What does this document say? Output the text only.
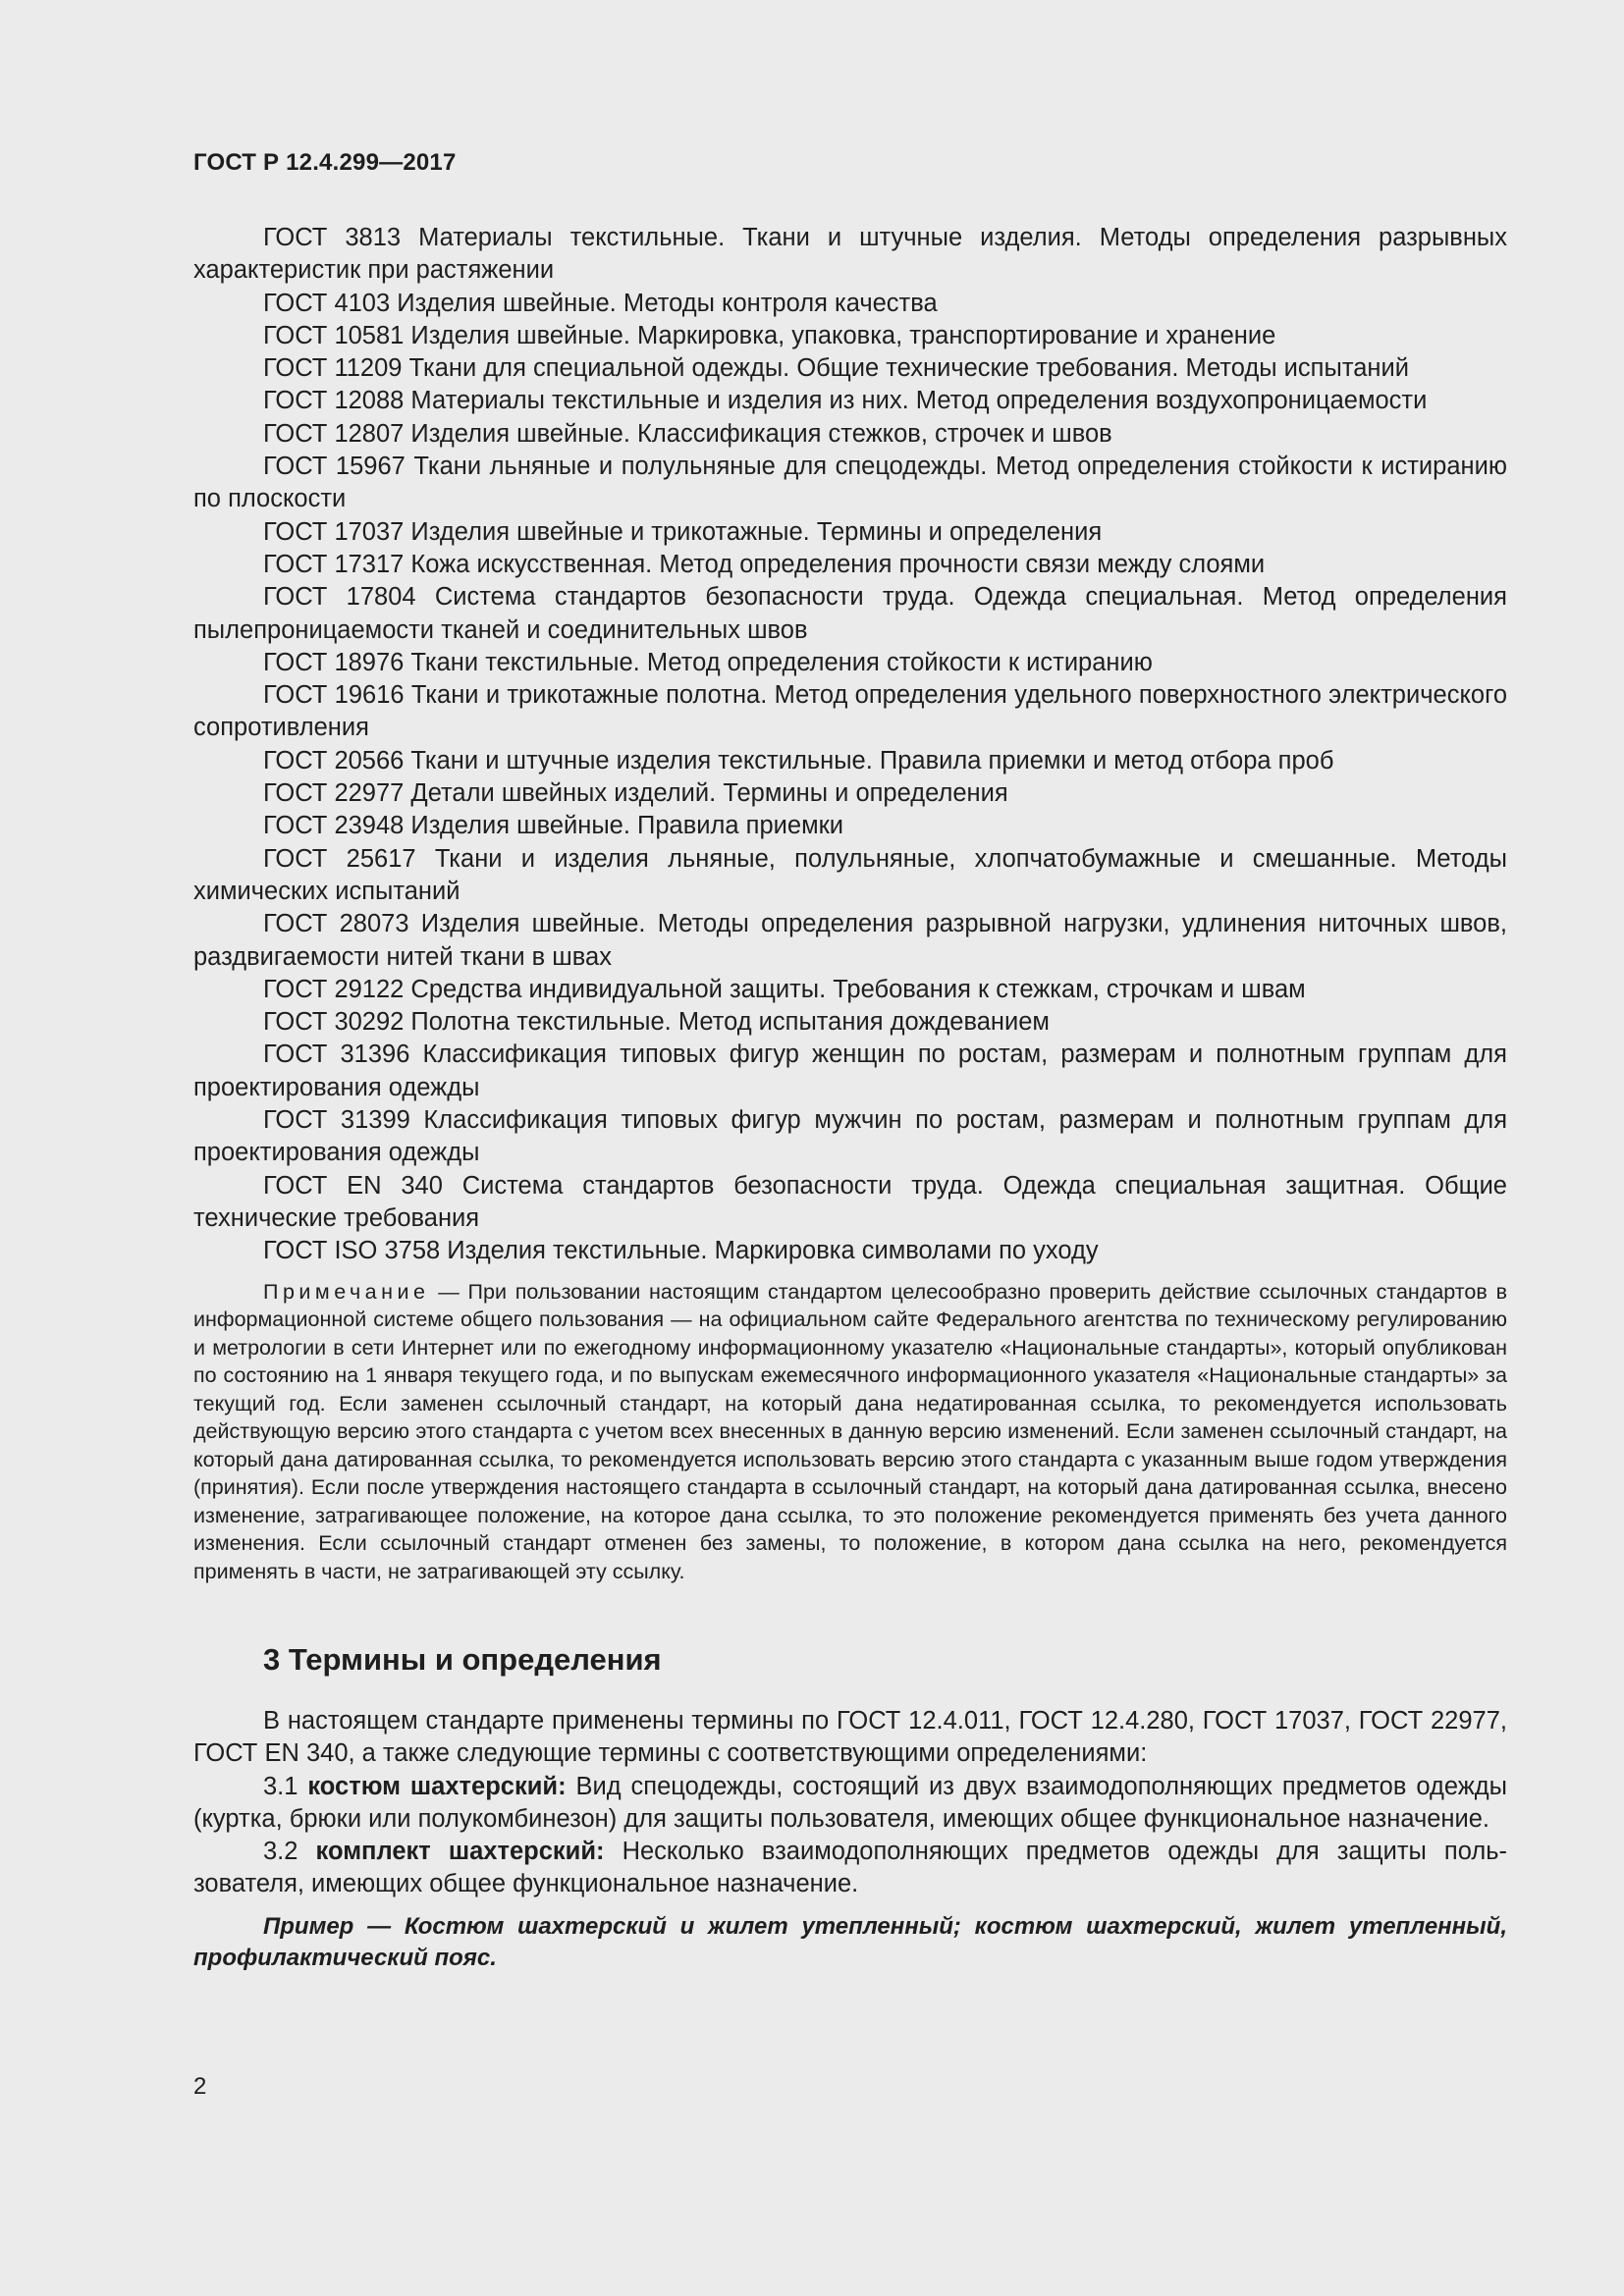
ГОСТ Р 12.4.299—2017

ГОСТ 3813 Материалы текстильные. Ткани и штучные изделия. Методы определения разрывных характеристик при растяжении

ГОСТ 4103 Изделия швейные. Методы контроля качества

ГОСТ 10581 Изделия швейные. Маркировка, упаковка, транспортирование и хранение

ГОСТ 11209 Ткани для специальной одежды. Общие технические требования. Методы испытаний

ГОСТ 12088 Материалы текстильные и изделия из них. Метод определения воздухопроницаемости

ГОСТ 12807 Изделия швейные. Классификация стежков, строчек и швов

ГОСТ 15967 Ткани льняные и полульняные для спецодежды. Метод определения стойкости к истиранию по плоскости

ГОСТ 17037 Изделия швейные и трикотажные. Термины и определения

ГОСТ 17317 Кожа искусственная. Метод определения прочности связи между слоями

ГОСТ 17804 Система стандартов безопасности труда. Одежда специальная. Метод определения пылепроницаемости тканей и соединительных швов

ГОСТ 18976 Ткани текстильные. Метод определения стойкости к истиранию

ГОСТ 19616 Ткани и трикотажные полотна. Метод определения удельного поверхностного электрического сопротивления

ГОСТ 20566 Ткани и штучные изделия текстильные. Правила приемки и метод отбора проб

ГОСТ 22977 Детали швейных изделий. Термины и определения

ГОСТ 23948 Изделия швейные. Правила приемки

ГОСТ 25617 Ткани и изделия льняные, полульняные, хлопчатобумажные и смешанные. Методы химических испытаний

ГОСТ 28073 Изделия швейные. Методы определения разрывной нагрузки, удлинения ниточных швов, раздвигаемости нитей ткани в швах

ГОСТ 29122 Средства индивидуальной защиты. Требования к стежкам, строчкам и швам

ГОСТ 30292 Полотна текстильные. Метод испытания дождеванием

ГОСТ 31396 Классификация типовых фигур женщин по ростам, размерам и полнотным группам для проектирования одежды

ГОСТ 31399 Классификация типовых фигур мужчин по ростам, размерам и полнотным группам для проектирования одежды

ГОСТ EN 340 Система стандартов безопасности труда. Одежда специальная защитная. Общие технические требования

ГОСТ ISO 3758 Изделия текстильные. Маркировка символами по уходу

Примечание — При пользовании настоящим стандартом целесообразно проверить действие ссылочных стандартов в информационной системе общего пользования — на официальном сайте Федерального агентства по техническому регулированию и метрологии в сети Интернет или по ежегодному информационному указателю «Национальные стандарты», который опубликован по состоянию на 1 января текущего года, и по выпускам ежемесячного информационного указателя «Национальные стандарты» за текущий год. Если заменен ссылочный стандарт, на который дана недатированная ссылка, то рекомендуется использовать действующую версию этого стандарта с учетом всех внесенных в данную версию изменений. Если заменен ссылочный стандарт, на который дана датированная ссылка, то рекомендуется использовать версию этого стандарта с указанным выше годом утверждения (принятия). Если после утверждения настоящего стандарта в ссылочный стандарт, на который дана датированная ссылка, внесено изменение, затрагивающее положение, на которое дана ссылка, то это положение рекомендуется применять без учета данного изменения. Если ссылочный стандарт отменен без замены, то положение, в котором дана ссылка на него, рекомендуется применять в части, не затрагивающей эту ссылку.
3 Термины и определения

В настоящем стандарте применены термины по ГОСТ 12.4.011, ГОСТ 12.4.280, ГОСТ 17037, ГОСТ 22977, ГОСТ EN 340, а также следующие термины с соответствующими определениями:

3.1 костюм шахтерский: Вид спецодежды, состоящий из двух взаимодополняющих предметов одежды (куртка, брюки или полукомбинезон) для защиты пользователя, имеющих общее функциональное назначение.

3.2 комплект шахтерский: Несколько взаимодополняющих предметов одежды для защиты пользователя, имеющих общее функциональное назначение.

Пример — Костюм шахтерский и жилет утепленный; костюм шахтерский, жилет утепленный, профилактический пояс.
2
